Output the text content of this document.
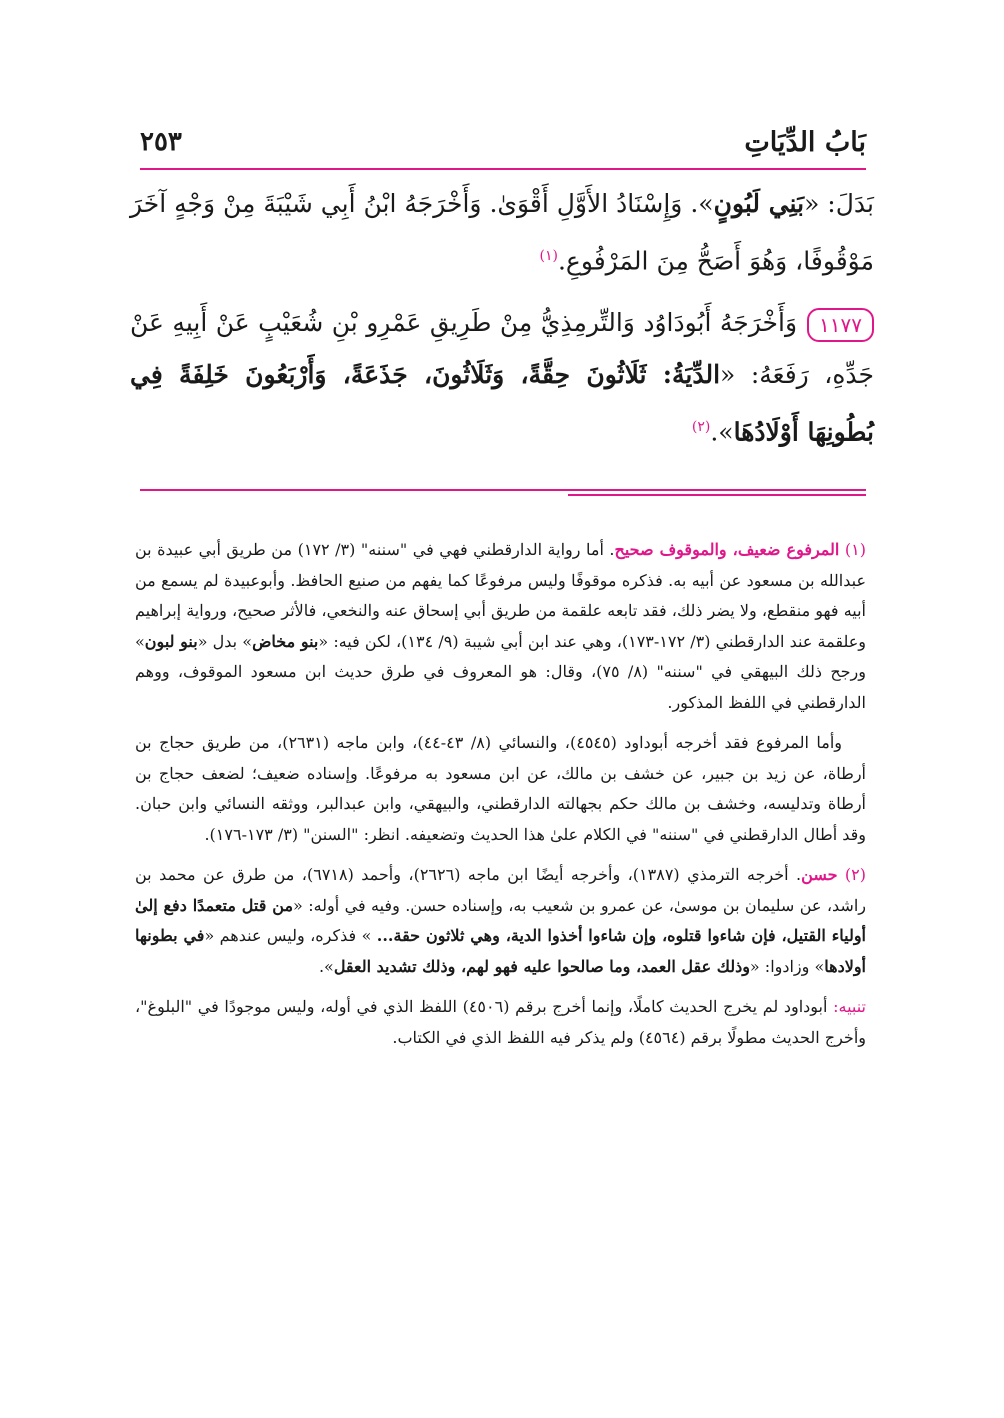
بَابُ الدِّيَاتِ
٢٥٣

بَدَلَ: «بَنِي لَبُونٍ». وَإِسْنَادُ الأَوَّلِ أَقْوَىٰ. وَأَخْرَجَهُ ابْنُ أَبِي شَيْبَةَ مِنْ وَجْهٍ آخَرَ مَوْقُوفًا، وَهُوَ أَصَحُّ مِنَ المَرْفُوعِ.$^{(١)}$

١١٧٧وَأَخْرَجَهُ أَبُودَاوُد وَالتِّرمِذِيُّ مِنْ طَرِيقِ عَمْرِو بْنِ شُعَيْبٍ عَنْ أَبِيهِ عَنْ جَدِّهِ، رَفَعَهُ: «الدِّيَةُ: ثَلَاثُونَ حِقَّةً، وَثَلَاثُونَ، جَذَعَةً، وَأَرْبَعُونَ خَلِفَةً فِي بُطُونِهَا أَوْلَادُهَا».$^{(٢)}$

(١) المرفوع ضعيف، والموقوف صحيح. أما رواية الدارقطني فهي في "سننه" (٣/ ١٧٢) من طريق أبي عبيدة بن عبدالله بن مسعود عن أبيه به. فذكره موقوفًا وليس مرفوعًا كما يفهم من صنيع الحافظ. وأبوعبيدة لم يسمع من أبيه فهو منقطع، ولا يضر ذلك، فقد تابعه علقمة من طريق أبي إسحاق عنه والنخعي، فالأثر صحيح، ورواية إبراهيم وعلقمة عند الدارقطني (٣/ ١٧٢-١٧٣)، وهي عند ابن أبي شيبة (٩/ ١٣٤)، لكن فيه: «بنو مخاض» بدل «بنو لبون» ورجح ذلك البيهقي في "سننه" (٨/ ٧٥)، وقال: هو المعروف في طرق حديث ابن مسعود الموقوف، ووهم الدارقطني في اللفظ المذكور.

وأما المرفوع فقد أخرجه أبوداود (٤٥٤٥)، والنسائي (٨/ ٤٣-٤٤)، وابن ماجه (٢٦٣١)، من طريق حجاج بن أرطاة، عن زيد بن جبير، عن خشف بن مالك، عن ابن مسعود به مرفوعًا. وإسناده ضعيف؛ لضعف حجاج بن أرطاة وتدليسه، وخشف بن مالك حكم بجهالته الدارقطني، والبيهقي، وابن عبدالبر، ووثقه النسائي وابن حبان. وقد أطال الدارقطني في "سننه" في الكلام علىٰ هذا الحديث وتضعيفه. انظر: "السنن" (٣/ ١٧٣-١٧٦).

(٢) حسن. أخرجه الترمذي (١٣٨٧)، وأخرجه أيضًا ابن ماجه (٢٦٢٦)، وأحمد (٦٧١٨)، من طرق عن محمد بن راشد، عن سليمان بن موسىٰ، عن عمرو بن شعيب به، وإسناده حسن. وفيه في أوله: «من قتل متعمدًا دفع إلىٰ أولياء القتيل، فإن شاءوا قتلوه، وإن شاءوا أخذوا الدية، وهي ثلاثون حقة... » فذكره، وليس عندهم «في بطونها أولادها» وزادوا: «وذلك عقل العمد، وما صالحوا عليه فهو لهم، وذلك تشديد العقل».

تنبيه: أبوداود لم يخرج الحديث كاملًا، وإنما أخرج برقم (٤٥٠٦) اللفظ الذي في أوله، وليس موجودًا في "البلوغ"، وأخرج الحديث مطولًا برقم (٤٥٦٤) ولم يذكر فيه اللفظ الذي في الكتاب.
